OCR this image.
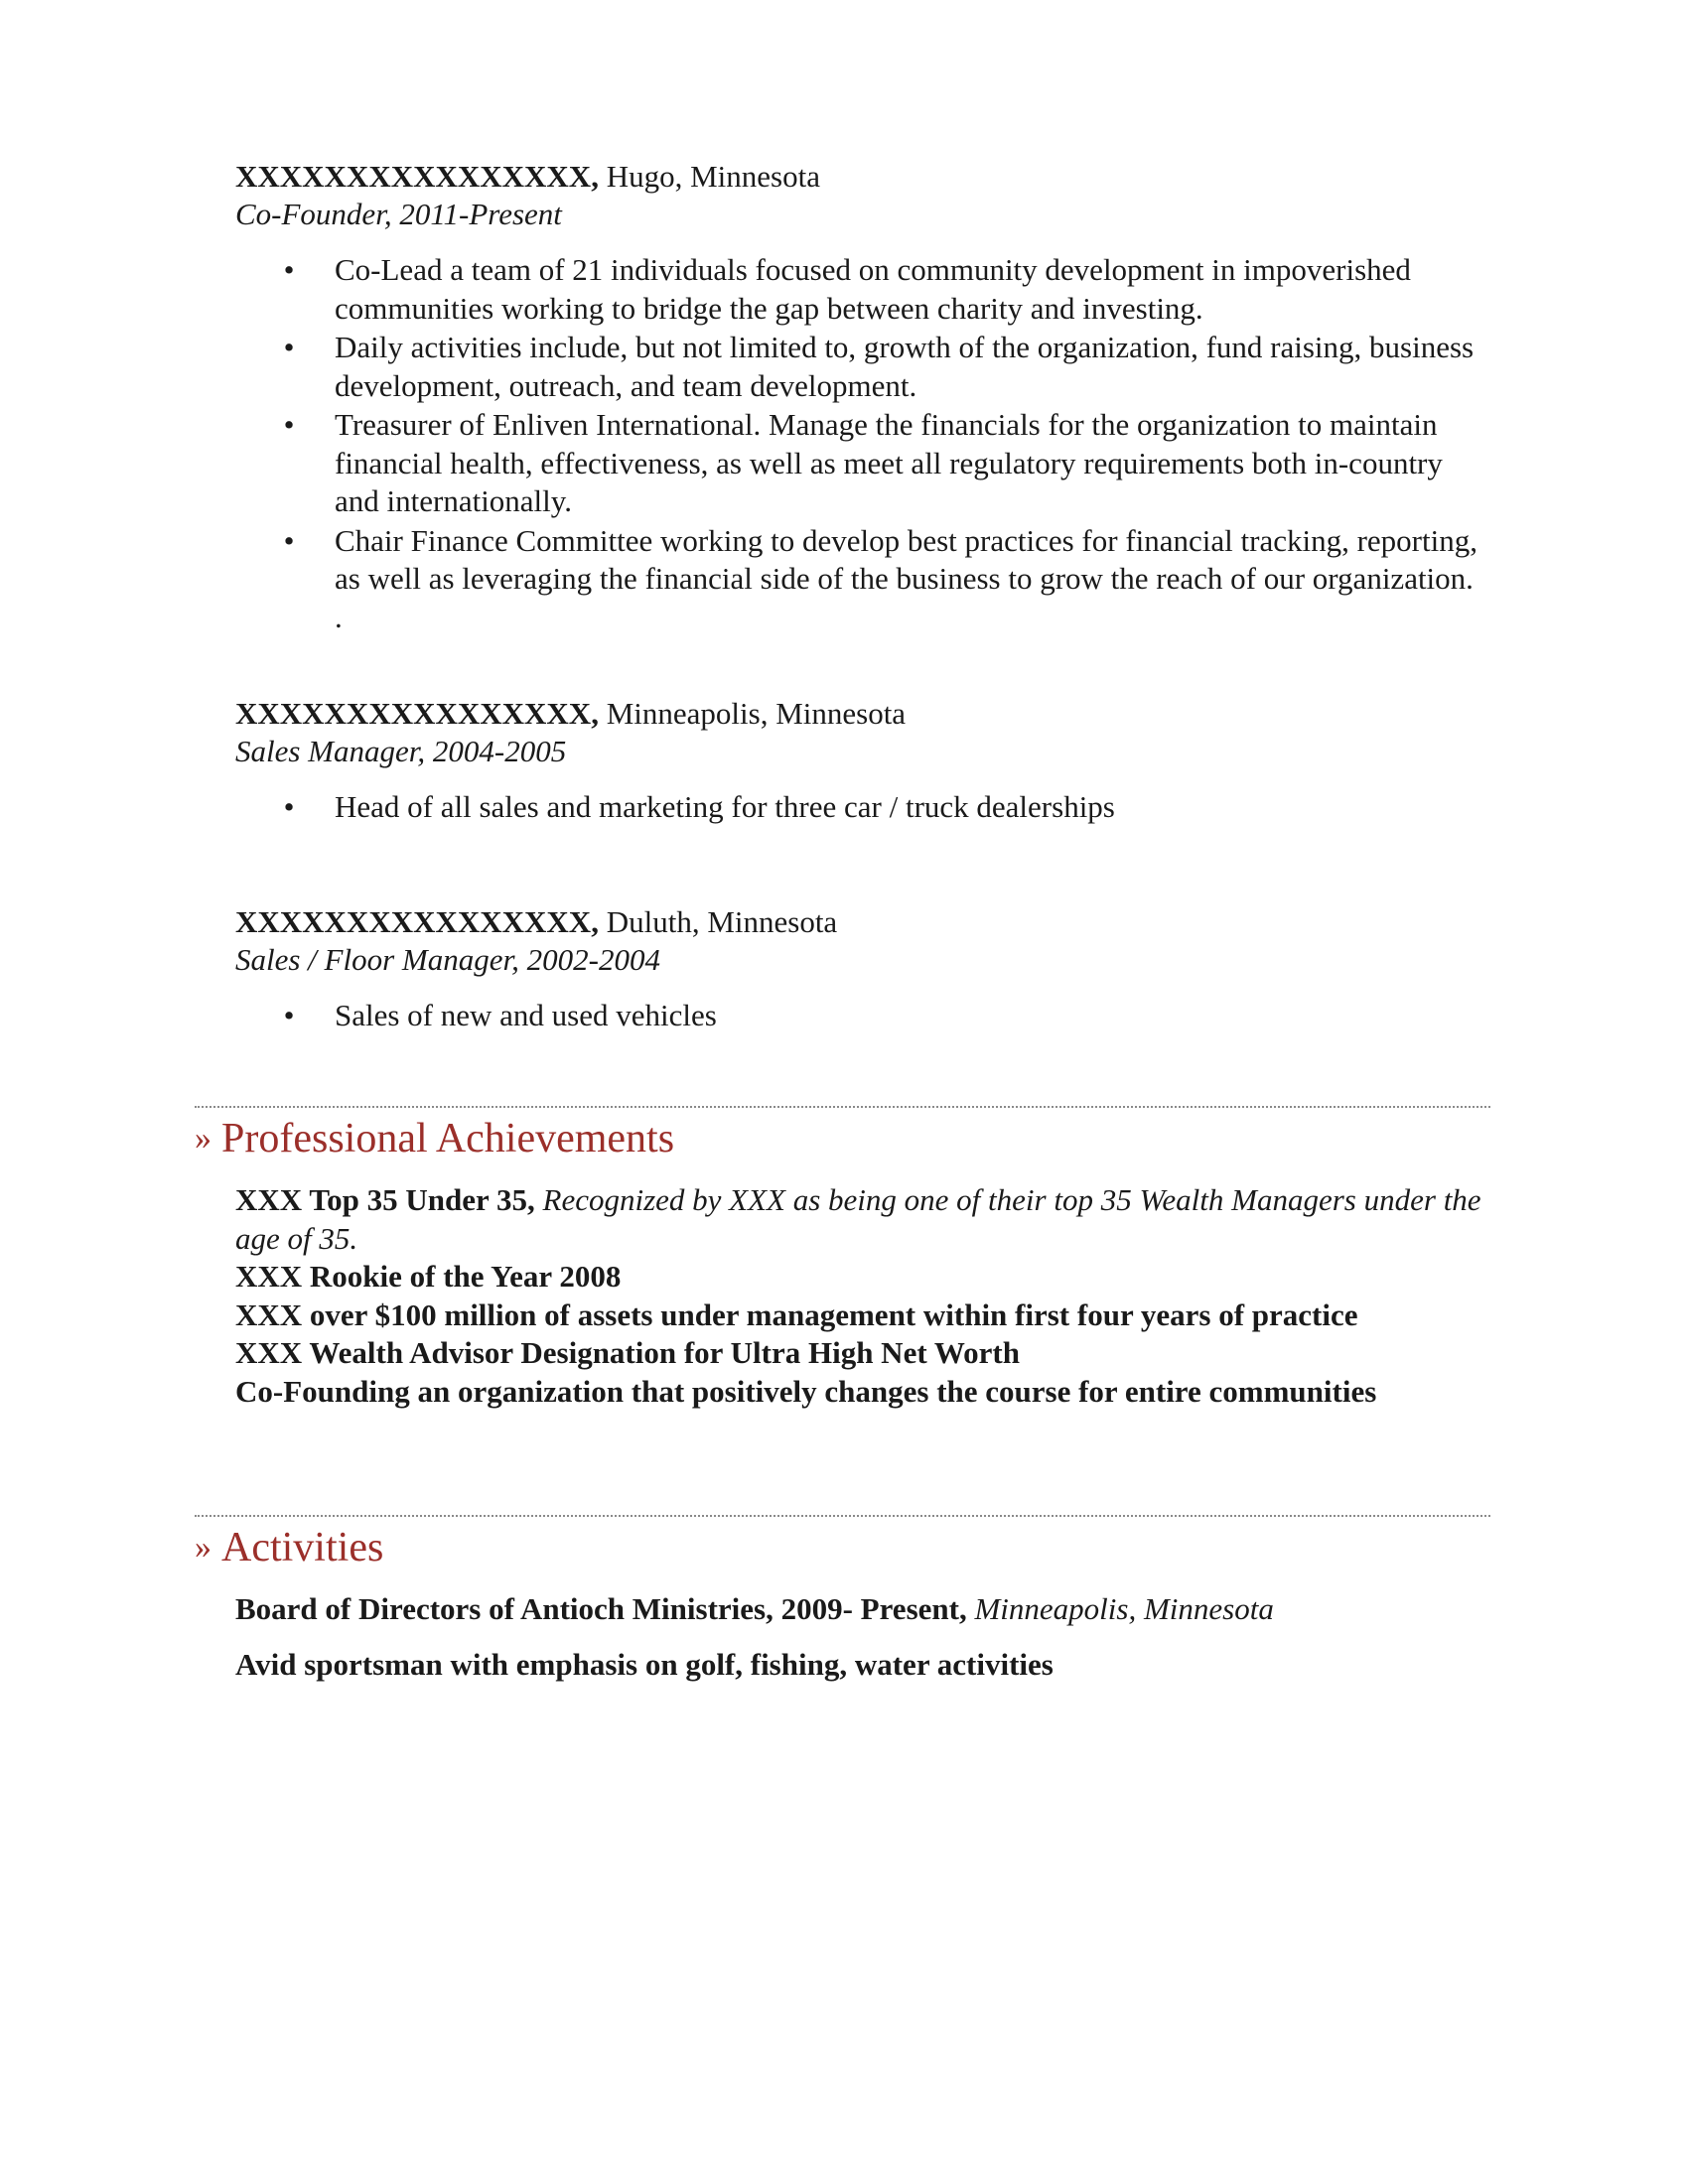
XXXXXXXXXXXXXXXX, Hugo, Minnesota
Co-Founder, 2011-Present
• Co-Lead a team of 21 individuals focused on community development in impoverished communities working to bridge the gap between charity and investing.
• Daily activities include, but not limited to, growth of the organization, fund raising, business development, outreach, and team development.
• Treasurer of Enliven International. Manage the financials for the organization to maintain financial health, effectiveness, as well as meet all regulatory requirements both in-country and internationally.
• Chair Finance Committee working to develop best practices for financial tracking, reporting, as well as leveraging the financial side of the business to grow the reach of our organization.
.
XXXXXXXXXXXXXXXX, Minneapolis, Minnesota
Sales Manager, 2004-2005
• Head of all sales and marketing for three car / truck dealerships
XXXXXXXXXXXXXXXX, Duluth, Minnesota
Sales / Floor Manager, 2002-2004
• Sales of new and used vehicles
» Professional Achievements
XXX Top 35 Under 35, Recognized by XXX as being one of their top 35 Wealth Managers under the age of 35.
XXX Rookie of the Year 2008
XXX over $100 million of assets under management within first four years of practice
XXX Wealth Advisor Designation for Ultra High Net Worth
Co-Founding an organization that positively changes the course for entire communities
» Activities
Board of Directors of Antioch Ministries, 2009- Present, Minneapolis, Minnesota
Avid sportsman with emphasis on golf, fishing, water activities
